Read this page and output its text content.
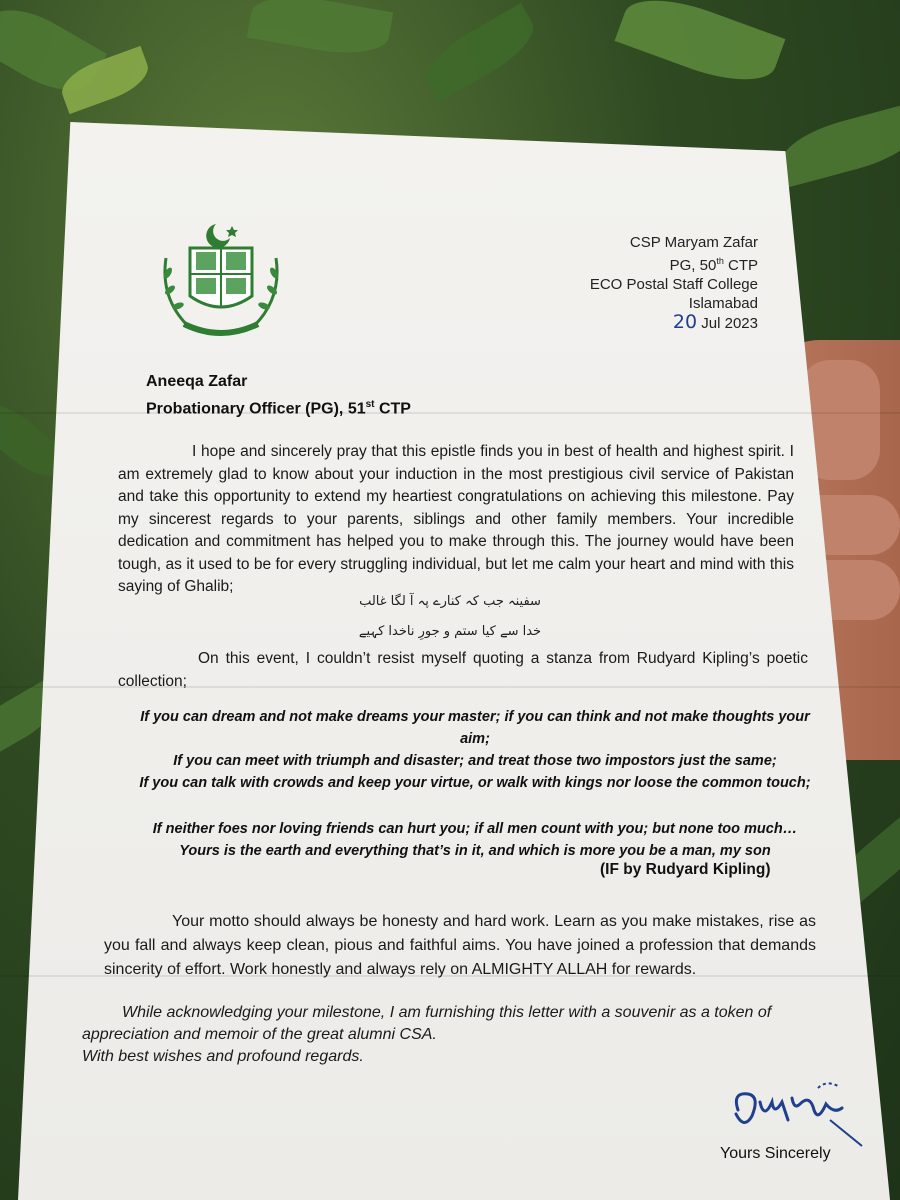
CSP Maryam Zafar
PG, 50th CTP
ECO Postal Staff College
Islamabad
20 Jul 2023
Aneeqa Zafar
Probationary Officer (PG), 51st CTP
I hope and sincerely pray that this epistle finds you in best of health and highest spirit. I am extremely glad to know about your induction in the most prestigious civil service of Pakistan and take this opportunity to extend my heartiest congratulations on achieving this milestone. Pay my sincerest regards to your parents, siblings and other family members. Your incredible dedication and commitment has helped you to make through this. The journey would have been tough, as it used to be for every struggling individual, but let me calm your heart and mind with this saying of Ghalib;
سفینہ جب کہ کنارے پہ آ لگا غالب
خدا سے کیا ستم و جورِ ناخدا کہیے
On this event, I couldn’t resist myself quoting a stanza from Rudyard Kipling’s poetic collection;
If you can dream and not make dreams your master; if you can think and not make thoughts your aim;
If you can meet with triumph and disaster; and treat those two impostors just the same;
If you can talk with crowds and keep your virtue, or walk with kings nor loose the common touch;
If neither foes nor loving friends can hurt you; if all men count with you; but none too much…
Yours is the earth and everything that’s in it, and which is more you be a man, my son
(IF by Rudyard Kipling)
Your motto should always be honesty and hard work. Learn as you make mistakes, rise as you fall and always keep clean, pious and faithful aims. You have joined a profession that demands sincerity of effort. Work honestly and always rely on ALMIGHTY ALLAH for rewards.
While acknowledging your milestone, I am furnishing this letter with a souvenir as a token of appreciation and memoir of the great alumni CSA.
With best wishes and profound regards.
Yours Sincerely
